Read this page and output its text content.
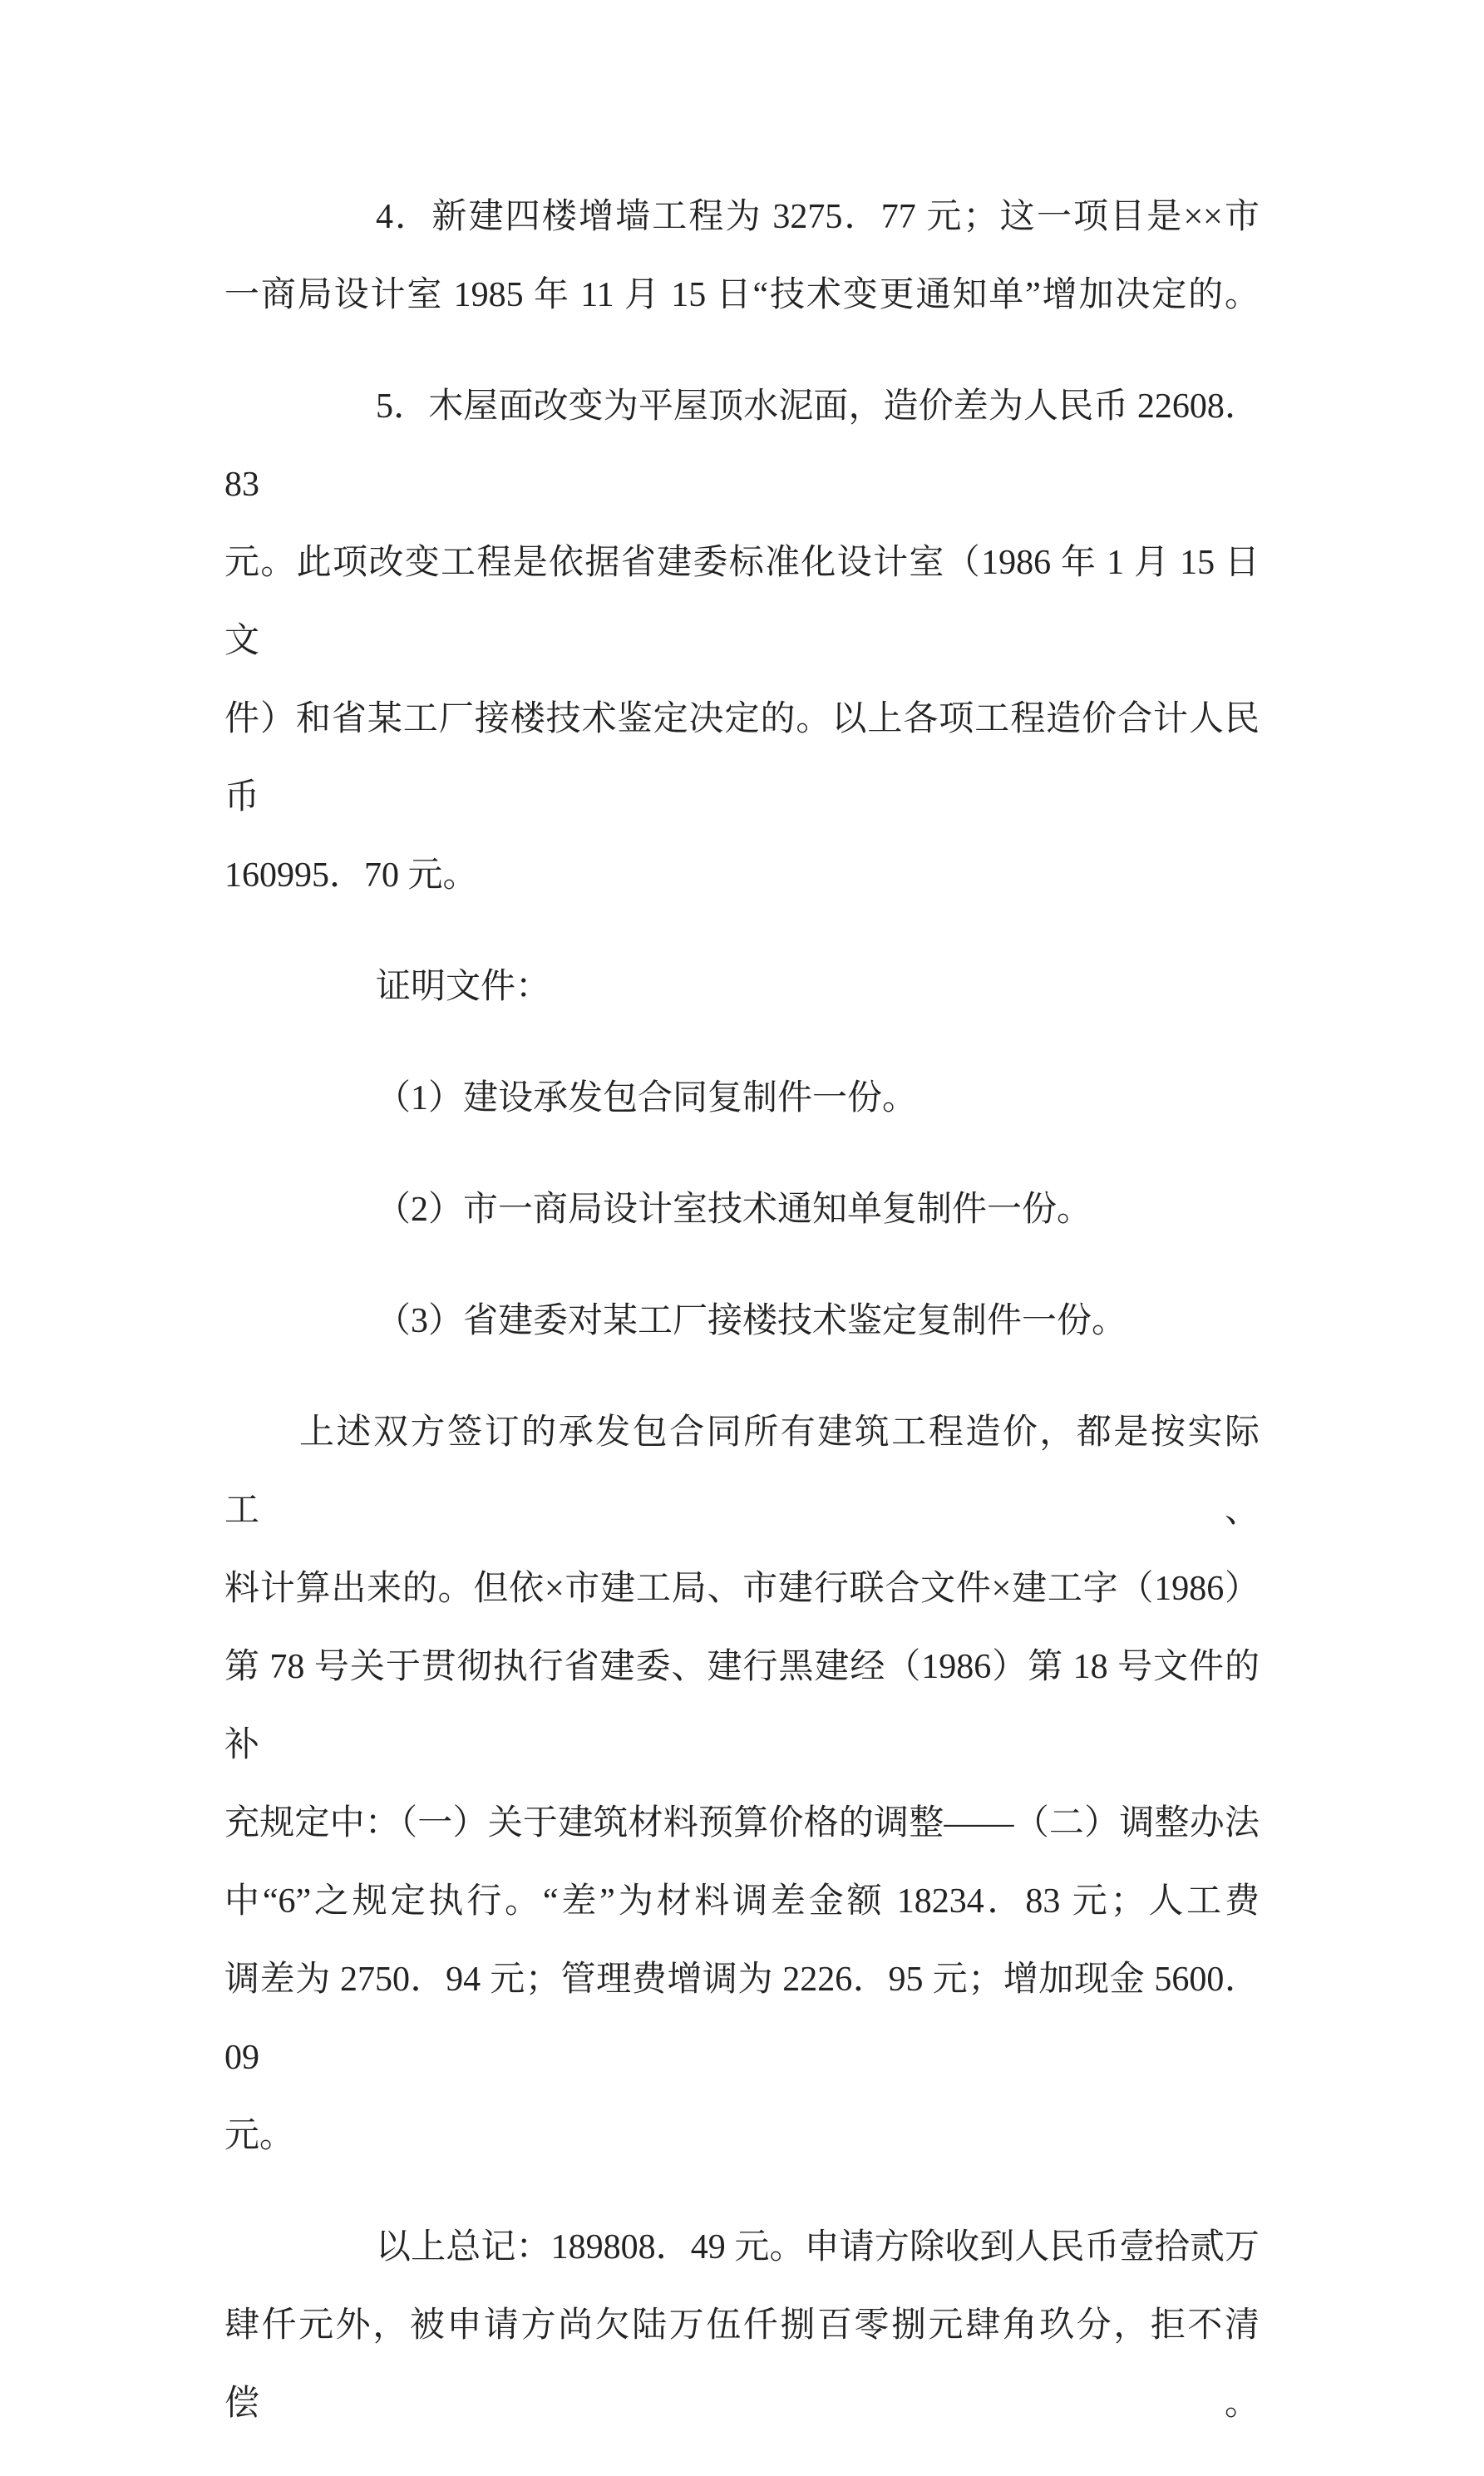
4．新建四楼增墙工程为 3275．77 元；这一项目是××市
一商局设计室 1985 年 11 月 15 日“技术变更通知单”增加决定的。
5．木屋面改变为平屋顶水泥面，造价差为人民币 22608．83
元。此项改变工程是依据省建委标准化设计室（1986 年 1 月 15 日文
件）和省某工厂接楼技术鉴定决定的。以上各项工程造价合计人民币
160995．70 元。
证明文件：
（1）建设承发包合同复制件一份。
（2）市一商局设计室技术通知单复制件一份。
（3）省建委对某工厂接楼技术鉴定复制件一份。
上述双方签订的承发包合同所有建筑工程造价，都是按实际工、
料计算出来的。但依×市建工局、市建行联合文件×建工字（1986）
第 78 号关于贯彻执行省建委、建行黑建经（1986）第 18 号文件的补
充规定中：（一）关于建筑材料预算价格的调整——（二）调整办法
中“6”之规定执行。“差”为材料调差金额 18234．83 元；人工费
调差为 2750．94 元；管理费增调为 2226．95 元；增加现金 5600．09
元。
以上总记：189808．49 元。申请方除收到人民币壹拾贰万
肆仟元外，被申请方尚欠陆万伍仟捌百零捌元肆角玖分，拒不清偿。
